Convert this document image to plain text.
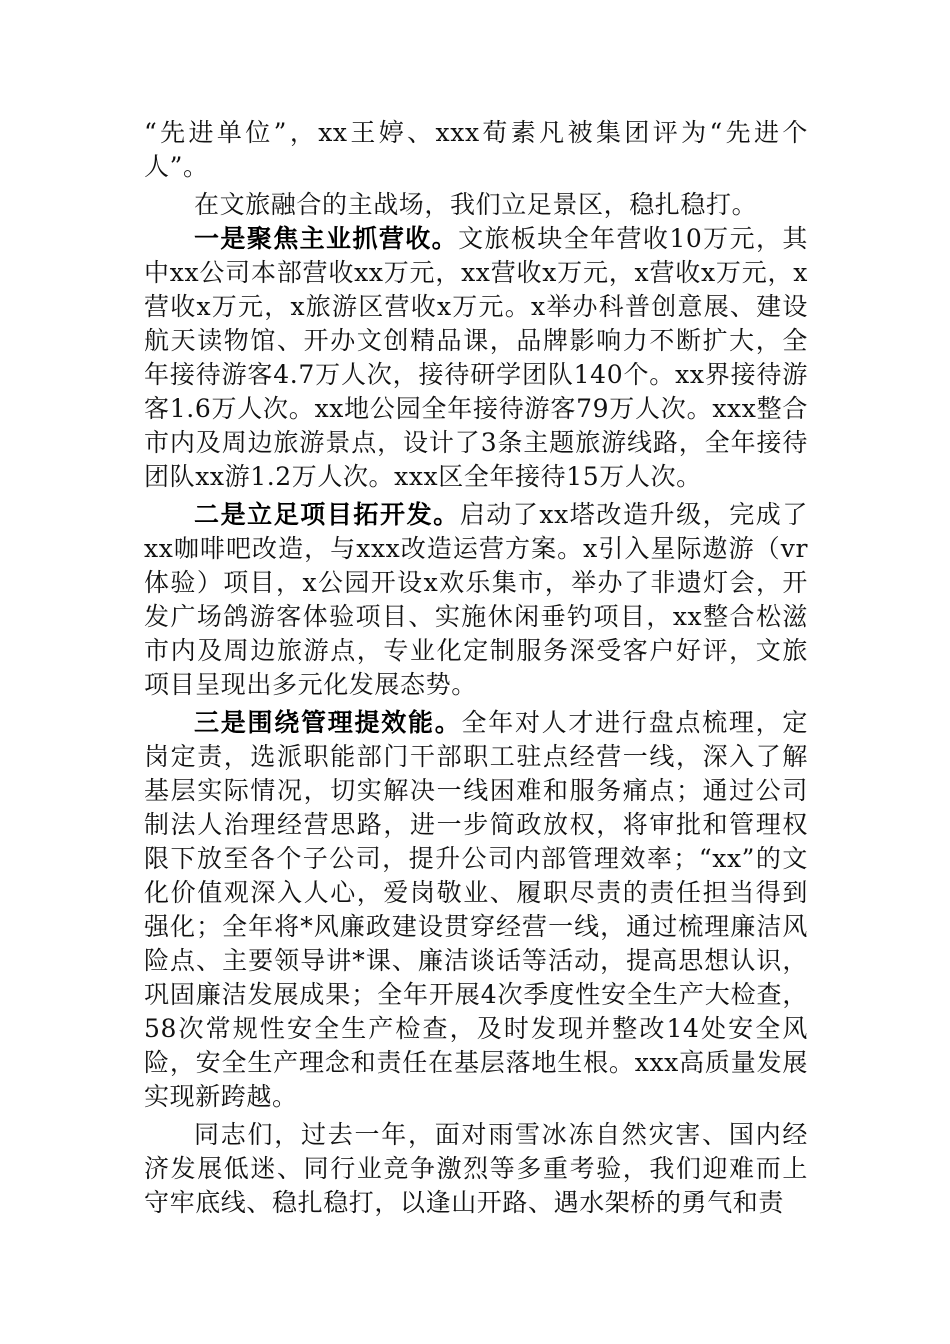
“先进单位”，xx王婷、xxx荀素凡被集团评为“先进个人”。

在文旅融合的主战场，我们立足景区，稳扎稳打。

一是聚焦主业抓营收。文旅板块全年营收10万元，其中xx公司本部营收xx万元，xx营收x万元，x营收x万元，x营收x万元，x旅游区营收x万元。x举办科普创意展、建设航天读物馆、开办文创精品课，品牌影响力不断扩大，全年接待游客4.7万人次，接待研学团队140个。xx界接待游客1.6万人次。xx地公园全年接待游客79万人次。xxx整合市内及周边旅游景点，设计了3条主题旅游线路，全年接待团队xx游1.2万人次。xxx区全年接待15万人次。

二是立足项目拓开发。启动了xx塔改造升级，完成了xx咖啡吧改造，与xxx改造运营方案。x引入星际遨游（vr体验）项目，x公园开设x欢乐集市，举办了非遗灯会，开发广场鸽游客体验项目、实施休闲垂钓项目，xx整合松滋市内及周边旅游点，专业化定制服务深受客户好评，文旅项目呈现出多元化发展态势。

三是围绕管理提效能。全年对人才进行盘点梳理，定岗定责，选派职能部门干部职工驻点经营一线，深入了解基层实际情况，切实解决一线困难和服务痛点；通过公司制法人治理经营思路，进一步简政放权，将审批和管理权限下放至各个子公司，提升公司内部管理效率；“xx”的文化价值观深入人心，爱岗敬业、履职尽责的责任担当得到强化；全年将*风廉政建设贯穿经营一线，通过梳理廉洁风险点、主要领导讲*课、廉洁谈话等活动，提高思想认识，巩固廉洁发展成果；全年开展4次季度性安全生产大检查，58次常规性安全生产检查，及时发现并整改14处安全风险，安全生产理念和责任在基层落地生根。xxx高质量发展实现新跨越。

同志们，过去一年，面对雨雪冰冻自然灾害、国内经济发展低迷、同行业竞争激烈等多重考验，我们迎难而上守牢底线、稳扎稳打，以逢山开路、遇水架桥的勇气和责
